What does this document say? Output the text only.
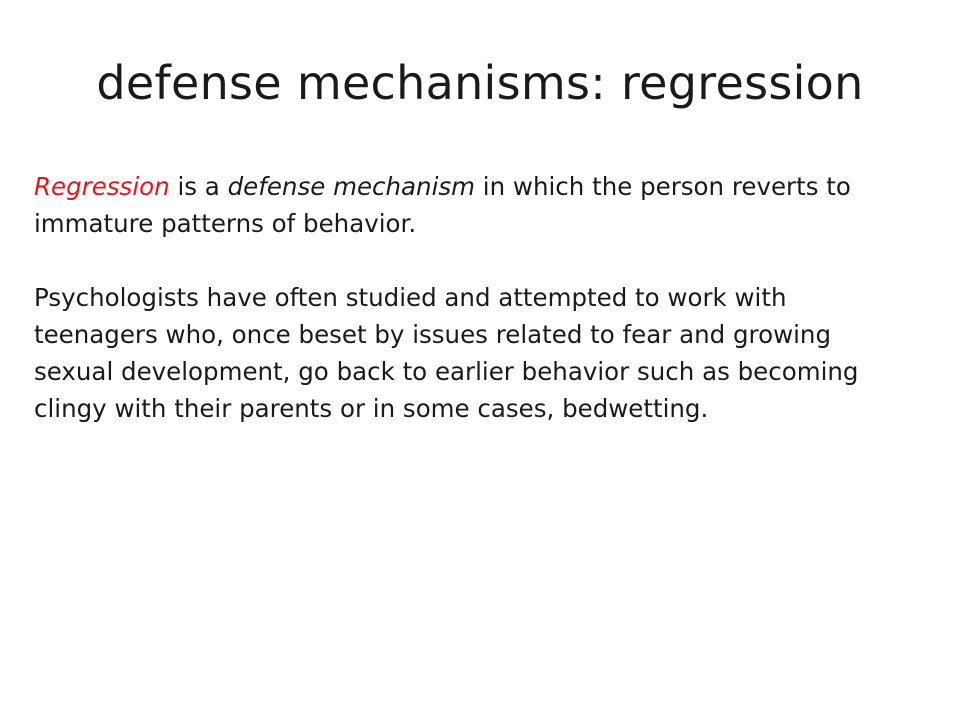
defense mechanisms: regression

Regression is a defense mechanism in which the person reverts to immature patterns of behavior.

Psychologists have often studied and attempted to work with teenagers who, once beset by issues related to fear and growing sexual development, go back to earlier behavior such as becoming clingy with their parents or in some cases, bedwetting.
